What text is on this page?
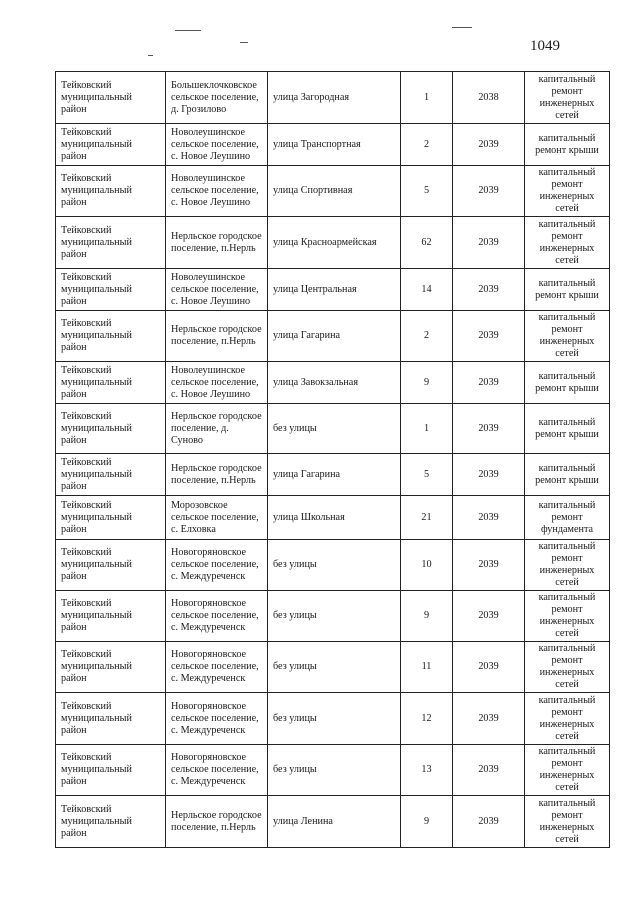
1049
Тейковский муниципальный район	Большеклочковское сельское поселение, д. Грозилово	улица Загородная	1	2038	капитальный ремонт инженерных сетей
Тейковский муниципальный район	Новолеушинское сельское поселение, с. Новое Леушино	улица Транспортная	2	2039	капитальный ремонт крыши
Тейковский муниципальный район	Новолеушинское сельское поселение, с. Новое Леушино	улица Спортивная	5	2039	капитальный ремонт инженерных сетей
Тейковский муниципальный район	Нерльское городское поселение, п.Нерль	улица Красноармейская	62	2039	капитальный ремонт инженерных сетей
Тейковский муниципальный район	Новолеушинское сельское поселение, с. Новое Леушино	улица Центральная	14	2039	капитальный ремонт крыши
Тейковский муниципальный район	Нерльское городское поселение, п.Нерль	улица Гагарина	2	2039	капитальный ремонт инженерных сетей
Тейковский муниципальный район	Новолеушинское сельское поселение, с. Новое Леушино	улица Завокзальная	9	2039	капитальный ремонт крыши
Тейковский муниципальный район	Нерльское городское поселение, д. Суново	без улицы	1	2039	капитальный ремонт крыши
Тейковский муниципальный район	Нерльское городское поселение, п.Нерль	улица Гагарина	5	2039	капитальный ремонт крыши
Тейковский муниципальный район	Морозовское сельское поселение, с. Елховка	улица Школьная	21	2039	капитальный ремонт фундамента
Тейковский муниципальный район	Новогоряновское сельское поселение, с. Междуреченск	без улицы	10	2039	капитальный ремонт инженерных сетей
Тейковский муниципальный район	Новогоряновское сельское поселение, с. Междуреченск	без улицы	9	2039	капитальный ремонт инженерных сетей
Тейковский муниципальный район	Новогоряновское сельское поселение, с. Междуреченск	без улицы	11	2039	капитальный ремонт инженерных сетей
Тейковский муниципальный район	Новогоряновское сельское поселение, с. Междуреченск	без улицы	12	2039	капитальный ремонт инженерных сетей
Тейковский муниципальный район	Новогоряновское сельское поселение, с. Междуреченск	без улицы	13	2039	капитальный ремонт инженерных сетей
Тейковский муниципальный район	Нерльское городское поселение, п.Нерль	улица Ленина	9	2039	капитальный ремонт инженерных сетей
